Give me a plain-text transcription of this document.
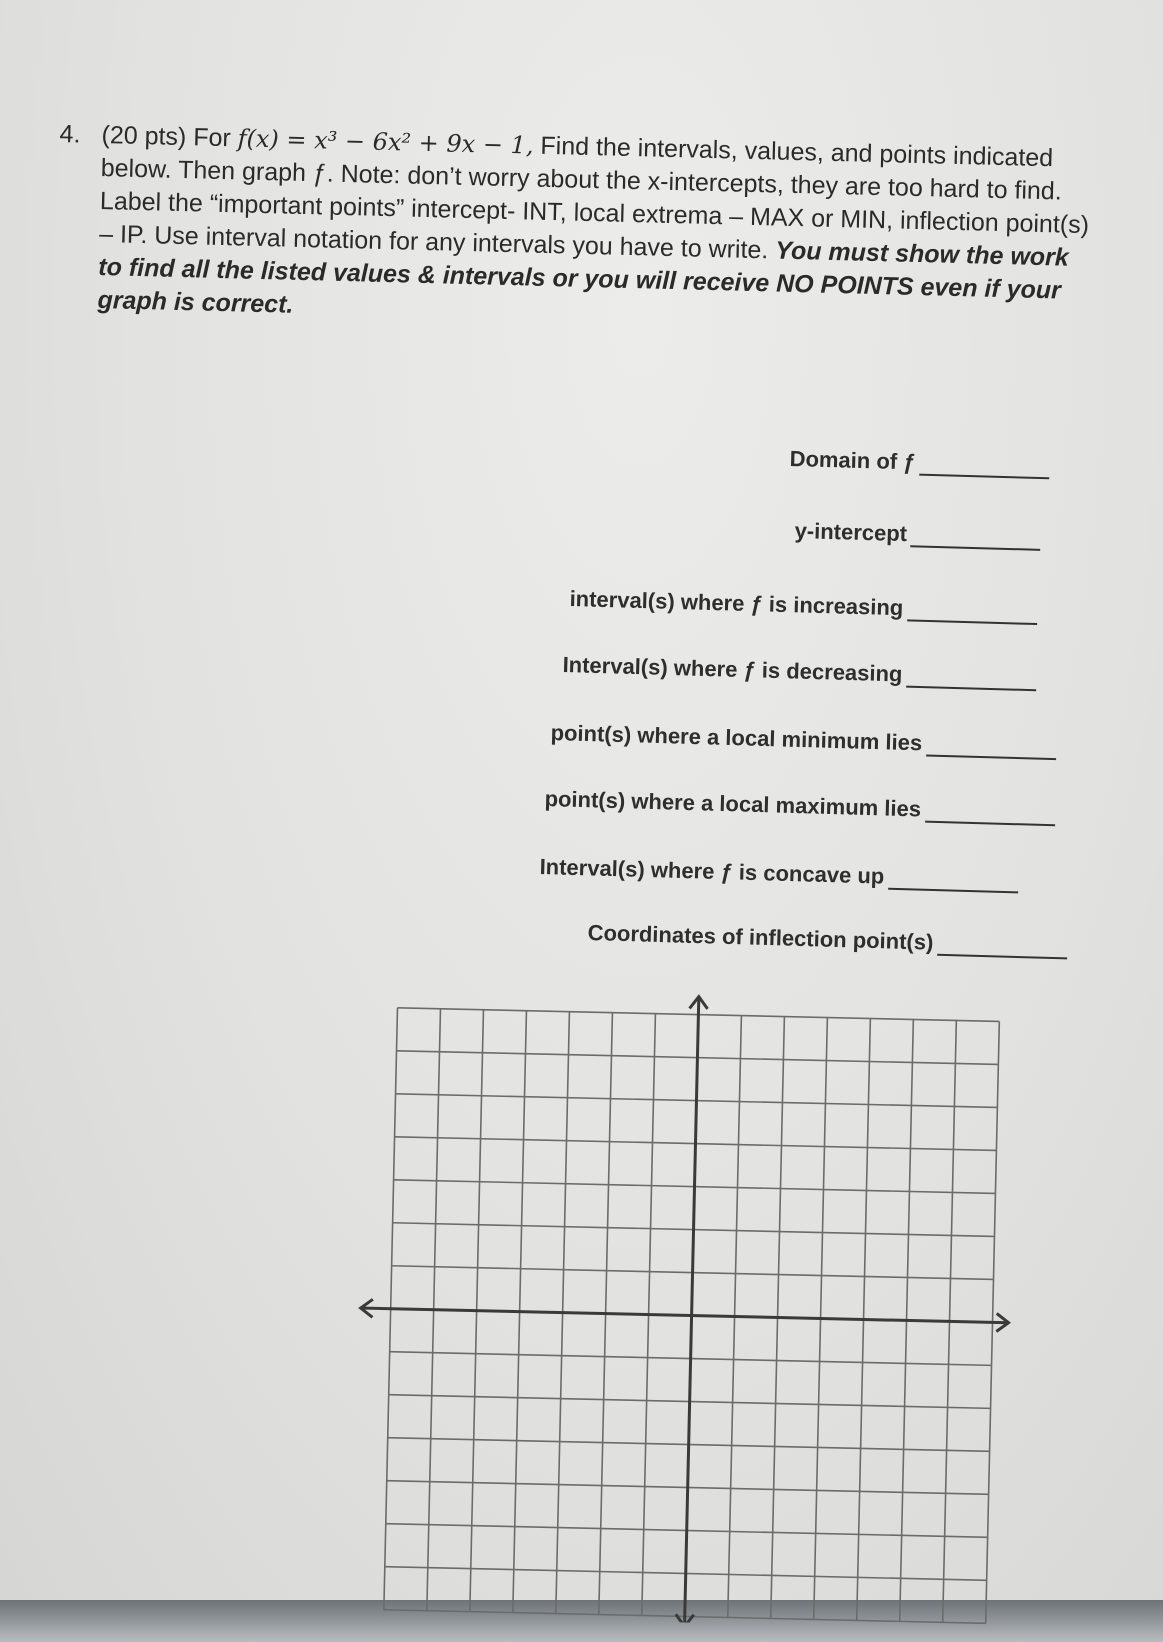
4. (20 pts) For f(x) = x³ − 6x² + 9x − 1, Find the intervals, values, and points indicated below. Then graph ƒ. Note: don’t worry about the x-intercepts, they are too hard to find. Label the “important points” intercept- INT, local extrema – MAX or MIN, inflection point(s) – IP. Use interval notation for any intervals you have to write. You must show the work to find all the listed values & intervals or you will receive NO POINTS even if your graph is correct.
Domain of ƒ
y-intercept
interval(s) where ƒ is increasing
Interval(s) where ƒ is decreasing
point(s) where a local minimum lies
point(s) where a local maximum lies
Interval(s) where ƒ is concave up
Coordinates of inflection point(s)
